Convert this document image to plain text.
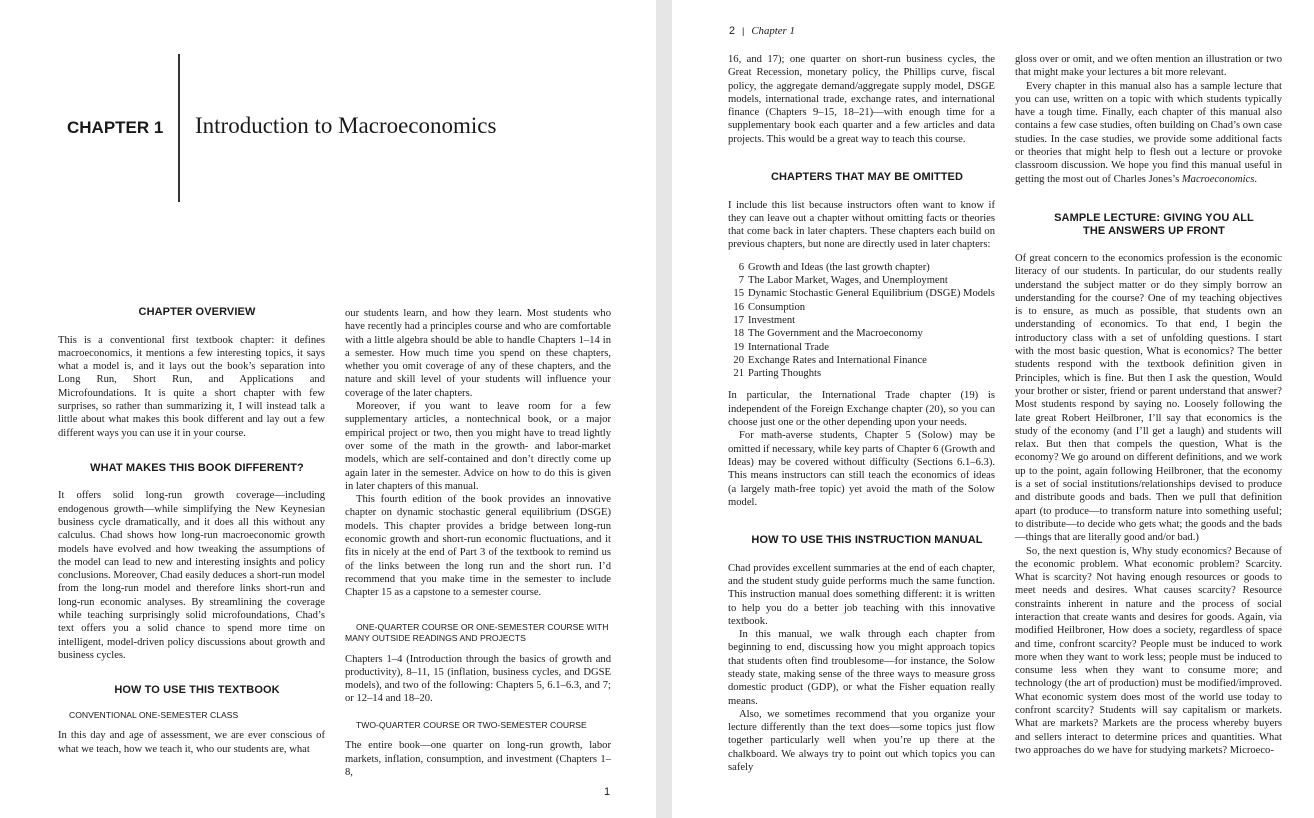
CHAPTER 1 Introduction to Macroeconomics

CHAPTER OVERVIEW

This is a conventional first textbook chapter: it defines macroeconomics, it mentions a few interesting topics, it says what a model is, and it lays out the book’s separation into Long Run, Short Run, and Applications and Microfoundations. It is quite a short chapter with few surprises, so rather than summarizing it, I will instead talk a little about what makes this book different and lay out a few different ways you can use it in your course.

WHAT MAKES THIS BOOK DIFFERENT?

It offers solid long-run growth coverage—including endogenous growth—while simplifying the New Keynesian business cycle dramatically, and it does all this without any calculus. Chad shows how long-run macroeconomic growth models have evolved and how tweaking the assumptions of the model can lead to new and interesting insights and policy conclusions. Moreover, Chad easily deduces a short-run model from the long-run model and therefore links short-run and long-run economic analyses. By streamlining the coverage while teaching surprisingly solid microfoundations, Chad’s text offers you a solid chance to spend more time on intelligent, model-driven policy discussions about growth and business cycles.

HOW TO USE THIS TEXTBOOK

CONVENTIONAL ONE-SEMESTER CLASS

In this day and age of assessment, we are ever conscious of what we teach, how we teach it, who our students are, what

our students learn, and how they learn. Most students who have recently had a principles course and who are comfortable with a little algebra should be able to handle Chapters 1–14 in a semester. How much time you spend on these chapters, whether you omit coverage of any of these chapters, and the nature and skill level of your students will influence your coverage of the later chapters.

Moreover, if you want to leave room for a few supplementary articles, a nontechnical book, or a major empirical project or two, then you might have to tread lightly over some of the math in the growth- and labor-market models, which are self-contained and don’t directly come up again later in the semester. Advice on how to do this is given in later chapters of this manual.

This fourth edition of the book provides an innovative chapter on dynamic stochastic general equilibrium (DSGE) models. This chapter provides a bridge between long-run economic growth and short-run economic fluctuations, and it fits in nicely at the end of Part 3 of the textbook to remind us of the links between the long run and the short run. I’d recommend that you make time in the semester to include Chapter 15 as a capstone to a semester course.

ONE-QUARTER COURSE OR ONE-SEMESTER COURSE WITH MANY OUTSIDE READINGS AND PROJECTS

Chapters 1–4 (Introduction through the basics of growth and productivity), 8–11, 15 (inflation, business cycles, and DGSE models), and two of the following: Chapters 5, 6.1–6.3, and 7; or 12–14 and 18–20.

TWO-QUARTER COURSE OR TWO-SEMESTER COURSE

The entire book—one quarter on long-run growth, labor markets, inflation, consumption, and investment (Chapters 1–8,

1
2 | Chapter 1

16, and 17); one quarter on short-run business cycles, the Great Recession, monetary policy, the Phillips curve, fiscal policy, the aggregate demand/aggregate supply model, DSGE models, international trade, exchange rates, and international finance (Chapters 9–15, 18–21)—with enough time for a supplementary book each quarter and a few articles and data projects. This would be a great way to teach this course.

CHAPTERS THAT MAY BE OMITTED

I include this list because instructors often want to know if they can leave out a chapter without omitting facts or theories that come back in later chapters. These chapters each build on previous chapters, but none are directly used in later chapters:

6 Growth and Ideas (the last growth chapter)
7 The Labor Market, Wages, and Unemployment
15 Dynamic Stochastic General Equilibrium (DSGE) Models
16 Consumption
17 Investment
18 The Government and the Macroeconomy
19 International Trade
20 Exchange Rates and International Finance
21 Parting Thoughts

In particular, the International Trade chapter (19) is independent of the Foreign Exchange chapter (20), so you can choose just one or the other depending upon your needs.

For math-averse students, Chapter 5 (Solow) may be omitted if necessary, while key parts of Chapter 6 (Growth and Ideas) may be covered without difficulty (Sections 6.1–6.3). This means instructors can still teach the economics of ideas (a largely math-free topic) yet avoid the math of the Solow model.

HOW TO USE THIS INSTRUCTION MANUAL

Chad provides excellent summaries at the end of each chapter, and the student study guide performs much the same function. This instruction manual does something different: it is written to help you do a better job teaching with this innovative textbook.

In this manual, we walk through each chapter from beginning to end, discussing how you might approach topics that students often find troublesome—for instance, the Solow steady state, making sense of the three ways to measure gross domestic product (GDP), or what the Fisher equation really means.

Also, we sometimes recommend that you organize your lecture differently than the text does—some topics just flow together particularly well when you’re up there at the chalkboard. We always try to point out which topics you can safely

gloss over or omit, and we often mention an illustration or two that might make your lectures a bit more relevant.

Every chapter in this manual also has a sample lecture that you can use, written on a topic with which students typically have a tough time. Finally, each chapter of this manual also contains a few case studies, often building on Chad’s own case studies. In the case studies, we provide some additional facts or theories that might help to flesh out a lecture or provoke classroom discussion. We hope you find this manual useful in getting the most out of Charles Jones’s Macroeconomics.

SAMPLE LECTURE: GIVING YOU ALL

THE ANSWERS UP FRONT

Of great concern to the economics profession is the economic literacy of our students. In particular, do our students really understand the subject matter or do they simply borrow an understanding for the course? One of my teaching objectives is to ensure, as much as possible, that students own an understanding of economics. To that end, I begin the introductory class with a set of unfolding questions. I start with the most basic question, What is economics? The better students respond with the textbook definition given in Principles, which is fine. But then I ask the question, Would your brother or sister, friend or parent understand that answer? Most students respond by saying no. Loosely following the late great Robert Heilbroner, I’ll say that economics is the study of the economy (and I’ll get a laugh) and students will relax. But then that compels the question, What is the economy? We go around on different definitions, and we work up to the point, again following Heilbroner, that the economy is a set of social institutions/relationships devised to produce and distribute goods and bads. Then we pull that definition apart (to produce—to transform nature into something useful; to distribute—to decide who gets what; the goods and the bads—things that are literally good and/or bad.)

So, the next question is, Why study economics? Because of the economic problem. What economic problem? Scarcity. What is scarcity? Not having enough resources or goods to meet needs and desires. What causes scarcity? Resource constraints inherent in nature and the process of social interaction that create wants and desires for goods. Again, via modified Heilbroner, How does a society, regardless of space and time, confront scarcity? People must be induced to work more when they want to work less; people must be induced to consume less when they want to consume more; and technology (the art of production) must be modified/improved. What economic system does most of the world use today to confront scarcity? Students will say capitalism or markets. What are markets? Markets are the process whereby buyers and sellers interact to determine prices and quantities. What two approaches do we have for studying markets? Microeco-
